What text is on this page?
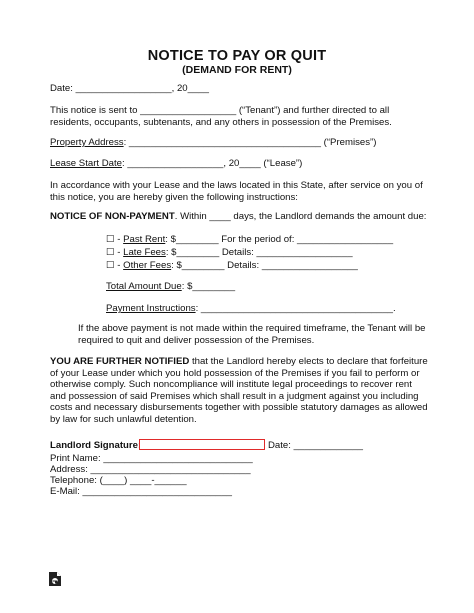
NOTICE TO PAY OR QUIT
(DEMAND FOR RENT)
Date: __________________, 20____
This notice is sent to __________________ (“Tenant”) and further directed to all residents, occupants, subtenants, and any others in possession of the Premises.
Property Address: ____________________________________ (“Premises”)
Lease Start Date: __________________, 20____ (“Lease”)
In accordance with your Lease and the laws located in this State, after service on you of this notice, you are hereby given the following instructions:
NOTICE OF NON-PAYMENT. Within ____ days, the Landlord demands the amount due:
☐ - Past Rent: $________ For the period of: __________________
☐ - Late Fees: $________ Details: __________________
☐ - Other Fees: $________ Details: __________________
Total Amount Due: $________
Payment Instructions: ____________________________________.
If the above payment is not made within the required timeframe, the Tenant will be required to quit and deliver possession of the Premises.
YOU ARE FURTHER NOTIFIED that the Landlord hereby elects to declare that forfeiture of your Lease under which you hold possession of the Premises if you fail to perform or otherwise comply. Such noncompliance will institute legal proceedings to recover rent and possession of said Premises which shall result in a judgment against you including costs and necessary disbursements together with possible statutory damages as allowed by law for such unlawful detention.
Landlord Signature	Date: _____________
Print Name: ____________________________
Address: ______________________________
Telephone: (____) ____-______
E-Mail: ____________________________
